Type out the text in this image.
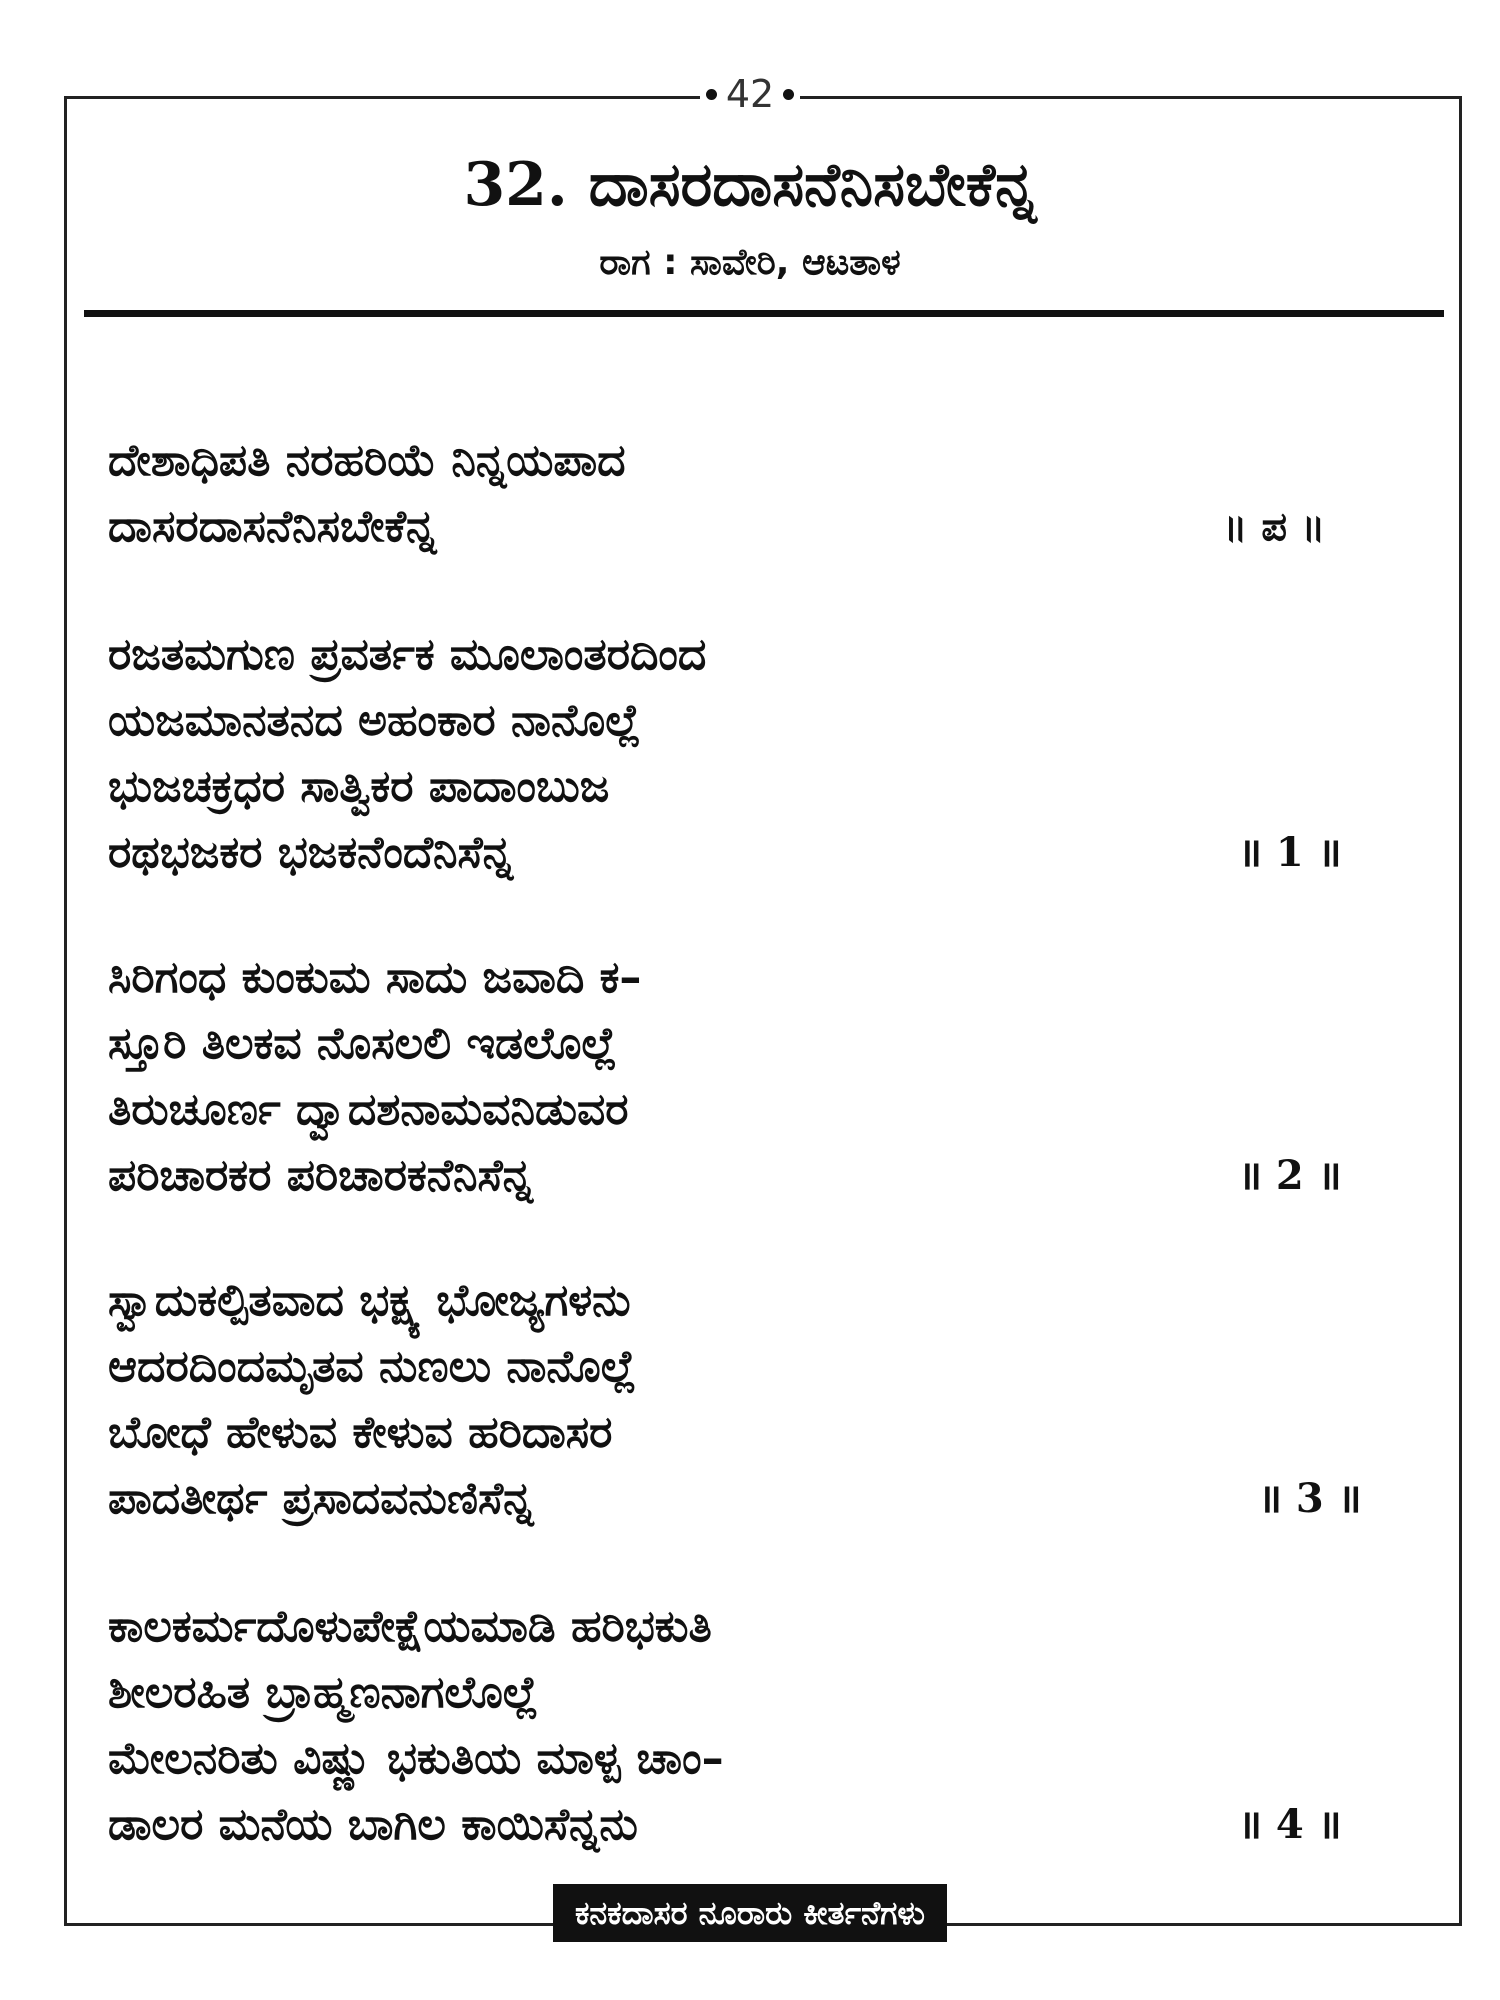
42
32. ದಾಸರದಾಸನೆನಿಸಬೇಕೆನ್ನ
ರಾಗ : ಸಾವೇರಿ, ಆಟತಾಳ
ದೇಶಾಧಿಪತಿ ನರಹರಿಯೆ ನಿನ್ನಯಪಾದ
ದಾಸರದಾಸನೆನಿಸಬೇಕೆನ್ನ	॥ ಪ ॥
ರಜತಮಗುಣ ಪ್ರವರ್ತಕ ಮೂಲಾಂತರದಿಂದ
ಯಜಮಾನತನದ ಅಹಂಕಾರ ನಾನೊಲ್ಲೆ
ಭುಜಚಕ್ರಧರ ಸಾತ್ವಿಕರ ಪಾದಾಂಬುಜ
ರಥಭಜಕರ ಭಜಕನೆಂದೆನಿಸೆನ್ನ	॥ 1 ॥
ಸಿರಿಗಂಧ ಕುಂಕುಮ ಸಾದು ಜವಾದಿ ಕ–
ಸ್ತೂರಿ ತಿಲಕವ ನೊಸಲಲಿ ಇಡಲೊಲ್ಲೆ
ತಿರುಚೂರ್ಣ ದ್ವಾದಶನಾಮವನಿಡುವರ
ಪರಿಚಾರಕರ ಪರಿಚಾರಕನೆನಿಸೆನ್ನ	॥ 2 ॥
ಸ್ವಾದುಕಲ್ಪಿತವಾದ ಭಕ್ಷ್ಯ ಭೋಜ್ಯಗಳನು
ಆದರದಿಂದಮೃತವ ನುಣಲು ನಾನೊಲ್ಲೆ
ಬೋಧೆ ಹೇಳುವ ಕೇಳುವ ಹರಿದಾಸರ
ಪಾದತೀರ್ಥ ಪ್ರಸಾದವನುಣಿಸೆನ್ನ	॥ 3 ॥
ಕಾಲಕರ್ಮದೊಳುಪೇಕ್ಷೆಯಮಾಡಿ ಹರಿಭಕುತಿ
ಶೀಲರಹಿತ ಬ್ರಾಹ್ಮಣನಾಗಲೊಲ್ಲೆ
ಮೇಲನರಿತು ವಿಷ್ಣು ಭಕುತಿಯ ಮಾಳ್ಪ ಚಾಂ–
ಡಾಲರ ಮನೆಯ ಬಾಗಿಲ ಕಾಯಿಸೆನ್ನನು	॥ 4 ॥
ಕನಕದಾಸರ ನೂರಾರು ಕೀರ್ತನೆಗಳು
